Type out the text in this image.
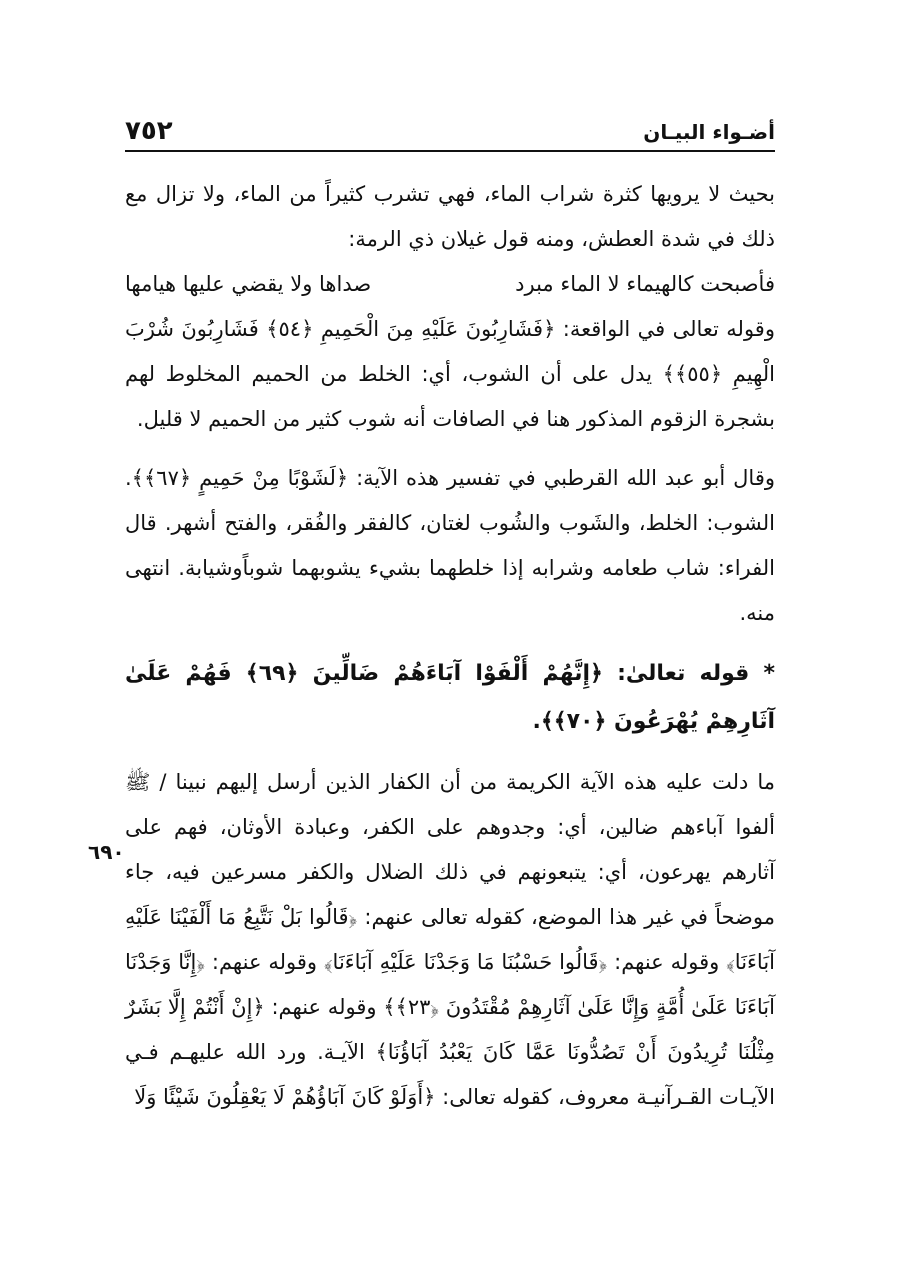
٧٥٢	أضـواء البيـان
٦٩٠

بحيث لا يرويها كثرة شراب الماء، فهي تشرب كثيراً من الماء، ولا تزال مع ذلك في شدة العطش، ومنه قول غيلان ذي الرمة:

فأصبحت كالهيماء لا الماء مبرد
صداها ولا يقضي عليها هيامها

وقوله تعالى في الواقعة: ﴿فَشَارِبُونَ عَلَيْهِ مِنَ الْحَمِيمِ ﴿٥٤﴾ فَشَارِبُونَ شُرْبَ الْهِيمِ ﴿٥٥﴾﴾ يدل على أن الشوب، أي: الخلط من الحميم المخلوط لهم بشجرة الزقوم المذكور هنا في الصافات أنه شوب كثير من الحميم لا قليل.

وقال أبو عبد الله القرطبي في تفسير هذه الآية: ﴿لَشَوْبًا مِنْ حَمِيمٍ ﴿٦٧﴾﴾. الشوب: الخلط، والشَوب والشُوب لغتان، كالفقر والفُقر، والفتح أشهر. قال الفراء: شاب طعامه وشرابه إذا خلطهما بشيء يشوبهما شوباًوشيابة. انتهى منه.

* قوله تعالىٰ: ﴿إِنَّهُمْ أَلْفَوْا آبَاءَهُمْ ضَالِّينَ ﴿٦٩﴾ فَهُمْ عَلَىٰ آثَارِهِمْ يُهْرَعُونَ ﴿٧٠﴾﴾.

ما دلت عليه هذه الآية الكريمة من أن الكفار الذين أرسل إليهم نبينا / ﷺ ألفوا آباءهم ضالين، أي: وجدوهم على الكفر، وعبادة الأوثان، فهم على آثارهم يهرعون، أي: يتبعونهم في ذلك الضلال والكفر مسرعين فيه، جاء موضحاً في غير هذا الموضع، كقوله تعالى عنهم: ﴿قَالُوا بَلْ نَتَّبِعُ مَا أَلْفَيْنَا عَلَيْهِ آبَاءَنَا﴾ وقوله عنهم: ﴿قَالُوا حَسْبُنَا مَا وَجَدْنَا عَلَيْهِ آبَاءَنَا﴾ وقوله عنهم: ﴿إِنَّا وَجَدْنَا آبَاءَنَا عَلَىٰ أُمَّةٍ وَإِنَّا عَلَىٰ آثَارِهِمْ مُقْتَدُونَ ﴿٢٣﴾﴾ وقوله عنهم: ﴿إِنْ أَنْتُمْ إِلَّا بَشَرٌ مِثْلُنَا تُرِيدُونَ أَنْ تَصُدُّونَا عَمَّا كَانَ يَعْبُدُ آبَاؤُنَا﴾ الآيـة. ورد الله عليهـم فـي الآيـات القـرآنيـة معروف، كقوله تعالى: ﴿أَوَلَوْ كَانَ آبَاؤُهُمْ لَا يَعْقِلُونَ شَيْئًا وَلَا
